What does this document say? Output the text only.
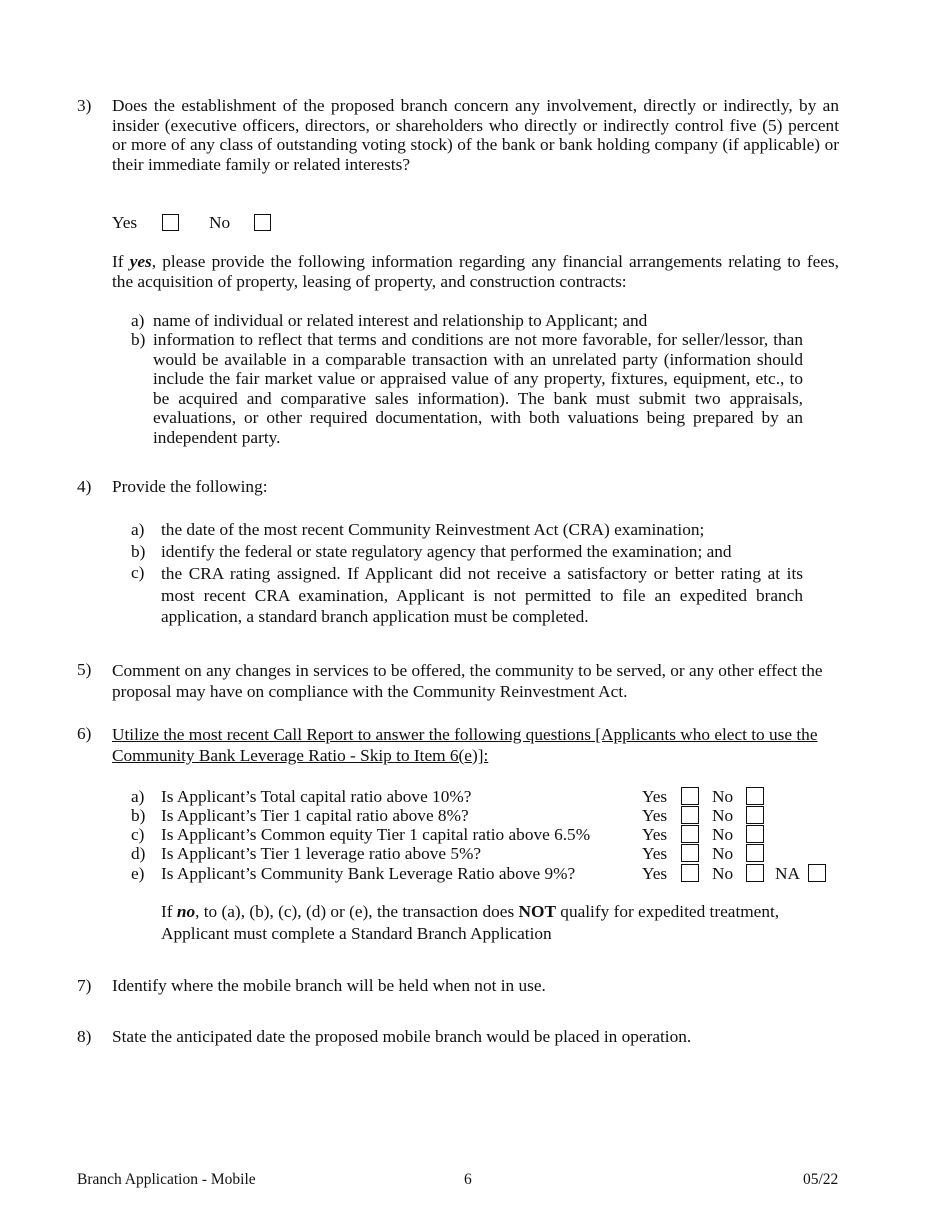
3) Does the establishment of the proposed branch concern any involvement, directly or indirectly, by an insider (executive officers, directors, or shareholders who directly or indirectly control five (5) percent or more of any class of outstanding voting stock) of the bank or bank holding company (if applicable) or their immediate family or related interests?
Yes	No
If yes, please provide the following information regarding any financial arrangements relating to fees, the acquisition of property, leasing of property, and construction contracts:
a) name of individual or related interest and relationship to Applicant; and
b) information to reflect that terms and conditions are not more favorable, for seller/lessor, than would be available in a comparable transaction with an unrelated party (information should include the fair market value or appraised value of any property, fixtures, equipment, etc., to be acquired and comparative sales information). The bank must submit two appraisals, evaluations, or other required documentation, with both valuations being prepared by an independent party.
4) Provide the following:
a) the date of the most recent Community Reinvestment Act (CRA) examination;
b) identify the federal or state regulatory agency that performed the examination; and
c) the CRA rating assigned. If Applicant did not receive a satisfactory or better rating at its most recent CRA examination, Applicant is not permitted to file an expedited branch application, a standard branch application must be completed.
5) Comment on any changes in services to be offered, the community to be served, or any other effect the proposal may have on compliance with the Community Reinvestment Act.
6) Utilize the most recent Call Report to answer the following questions [Applicants who elect to use the Community Bank Leverage Ratio - Skip to Item 6(e)]:
a) Is Applicant’s Total capital ratio above 10%?	Yes	No
b) Is Applicant’s Tier 1 capital ratio above 8%?	Yes	No
c) Is Applicant’s Common equity Tier 1 capital ratio above 6.5%	Yes	No
d) Is Applicant’s Tier 1 leverage ratio above 5%?	Yes	No
e) Is Applicant’s Community Bank Leverage Ratio above 9%?	Yes	No NA
If no, to (a), (b), (c), (d) or (e), the transaction does NOT qualify for expedited treatment, Applicant must complete a Standard Branch Application
7) Identify where the mobile branch will be held when not in use.
8) State the anticipated date the proposed mobile branch would be placed in operation.
Branch Application - Mobile	6	05/22
